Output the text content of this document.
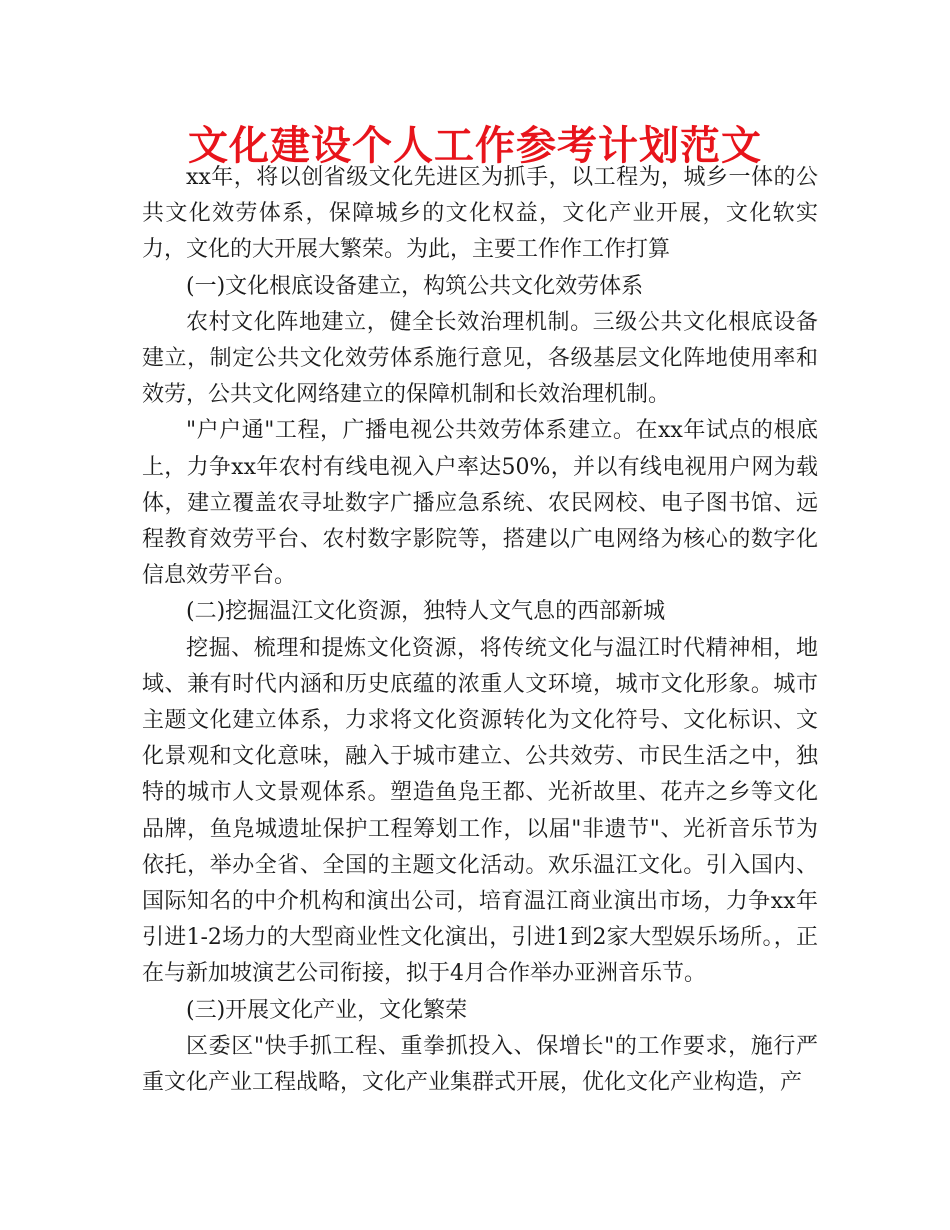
文化建设个人工作参考计划范文

xx年，将以创省级文化先进区为抓手，以工程为，城乡一体的公共文化效劳体系，保障城乡的文化权益，文化产业开展，文化软实力，文化的大开展大繁荣。为此，主要工作作工作打算

(一)文化根底设备建立，构筑公共文化效劳体系

农村文化阵地建立，健全长效治理机制。三级公共文化根底设备建立，制定公共文化效劳体系施行意见，各级基层文化阵地使用率和效劳，公共文化网络建立的保障机制和长效治理机制。

"户户通"工程，广播电视公共效劳体系建立。在xx年试点的根底上，力争xx年农村有线电视入户率达50%，并以有线电视用户网为载体，建立覆盖农寻址数字广播应急系统、农民网校、电子图书馆、远程教育效劳平台、农村数字影院等，搭建以广电网络为核心的数字化信息效劳平台。

(二)挖掘温江文化资源，独特人文气息的西部新城

挖掘、梳理和提炼文化资源，将传统文化与温江时代精神相，地域、兼有时代内涵和历史底蕴的浓重人文环境，城市文化形象。城市主题文化建立体系，力求将文化资源转化为文化符号、文化标识、文化景观和文化意味，融入于城市建立、公共效劳、市民生活之中，独特的城市人文景观体系。塑造鱼凫王都、光祈故里、花卉之乡等文化品牌，鱼凫城遗址保护工程筹划工作，以届"非遗节"、光祈音乐节为依托，举办全省、全国的主题文化活动。欢乐温江文化。引入国内、国际知名的中介机构和演出公司，培育温江商业演出市场，力争xx年引进1-2场力的大型商业性文化演出，引进1到2家大型娱乐场所。，正在与新加坡演艺公司衔接，拟于4月合作举办亚洲音乐节。

(三)开展文化产业，文化繁荣

区委区"快手抓工程、重拳抓投入、保增长"的工作要求，施行严重文化产业工程战略，文化产业集群式开展，优化文化产业构造，产
